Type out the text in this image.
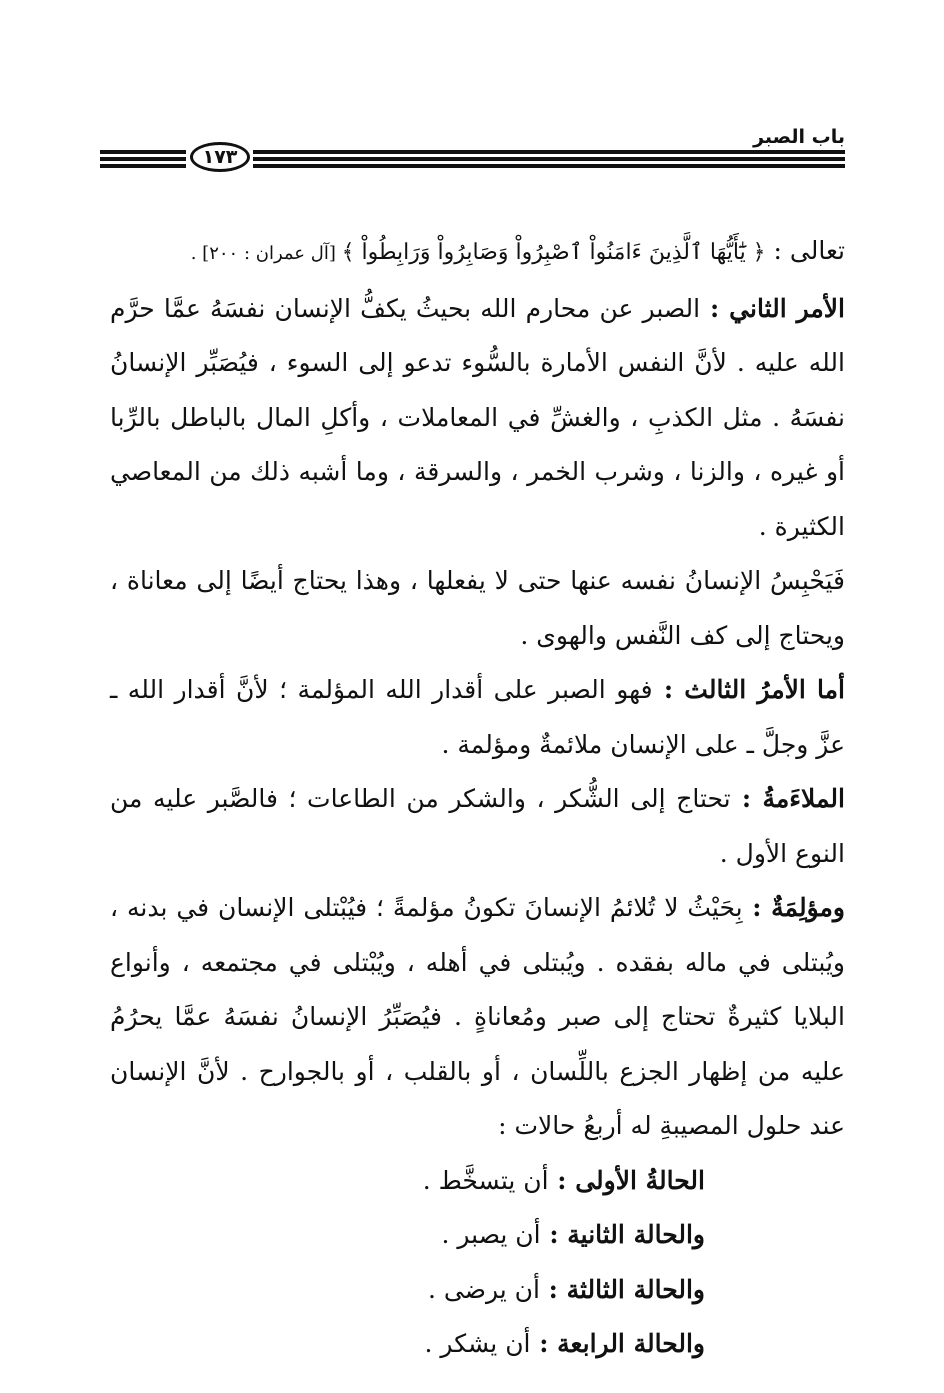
باب الصبر
١٧٣

تعالى : ﴿ يَٰٓأَيُّهَا ٱلَّذِينَ ءَامَنُواْ ٱصْبِرُواْ وَصَابِرُواْ وَرَابِطُواْ ﴾ [آل عمران : ٢٠٠] .

الأمر الثاني : الصبر عن محارم الله بحيثُ يكفُّ الإنسان نفسَهُ عمَّا حرَّم الله عليه . لأنَّ النفس الأمارة بالسُّوء تدعو إلى السوء ، فيُصَبِّر الإنسانُ نفسَهُ . مثل الكذبِ ، والغشِّ في المعاملات ، وأكلِ المال بالباطل بالرِّبا أو غيره ، والزنا ، وشرب الخمر ، والسرقة ، وما أشبه ذلك من المعاصي الكثيرة .

فَيَحْبِسُ الإنسانُ نفسه عنها حتى لا يفعلها ، وهذا يحتاج أيضًا إلى معاناة ، ويحتاج إلى كف النَّفس والهوى .

أما الأمرُ الثالث : فهو الصبر على أقدار الله المؤلمة ؛ لأنَّ أقدار الله ـ عزَّ وجلَّ ـ على الإنسان ملائمةٌ ومؤلمة .

الملاءَمةُ : تحتاج إلى الشُّكر ، والشكر من الطاعات ؛ فالصَّبر عليه من النوع الأول .

ومؤلِمَةٌ : بِحَيْثُ لا تُلائمُ الإنسانَ تكونُ مؤلمةً ؛ فيُبْتلى الإنسان في بدنه ، ويُبتلى في ماله بفقده . ويُبتلى في أهله ، ويُبْتلى في مجتمعه ، وأنواع البلايا كثيرةٌ تحتاج إلى صبر ومُعاناةٍ . فيُصَبِّرُ الإنسانُ نفسَهُ عمَّا يحرُمُ عليه من إظهار الجزع باللِّسان ، أو بالقلب ، أو بالجوارح . لأنَّ الإنسان عند حلول المصيبةِ له أربعُ حالات :

الحالةُ الأولى : أن يتسخَّط .
والحالة الثانية : أن يصبر .
والحالة الثالثة : أن يرضى .
والحالة الرابعة : أن يشكر .
